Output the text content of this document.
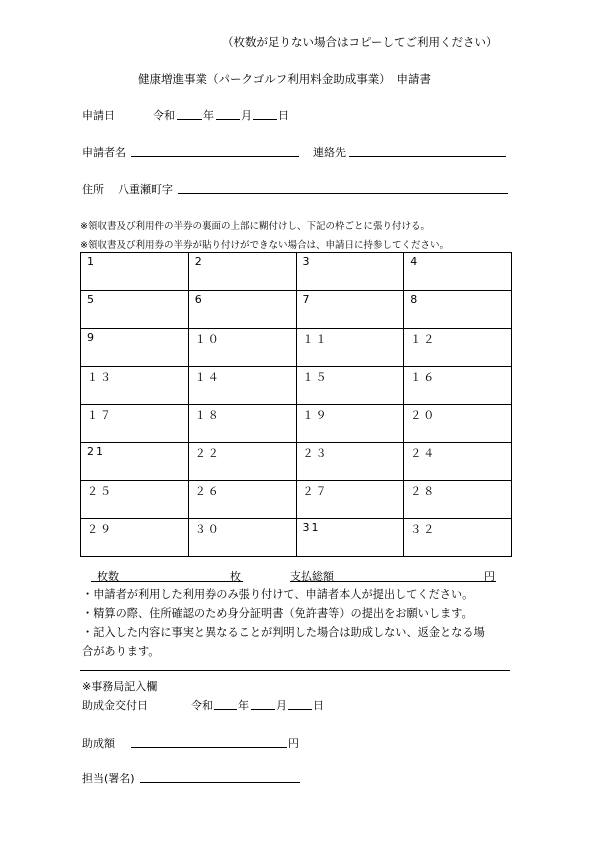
（枚数が足りない場合はコピーしてご利用ください）
健康増進事業（パークゴルフ利用料金助成事業）　申請書
申請日	令和	年 月 日
申請者名	連絡先
住所 八重瀬町字
※領収書及び利用件の半券の裏面の上部に糊付けし、下記の枠ごとに張り付ける。
※領収書及び利用券の半券が貼り付けができない場合は、申請日に持参してください。
1	2	3	4
5	6	7	8
9	１０	１１	１２
１３	１４	１５	１６
１７	１８	１９	２０
21	２２	２３	２４
２５	２６	２７	２８
２９	３０	31	３２
枚数	枚	支払総額	円
・申請者が利用した利用券のみ張り付けて、申請者本人が提出してください。
・精算の際、住所確認のため身分証明書（免許書等）の提出をお願いします。
・記入した内容に事実と異なることが判明した場合は助成しない、返金となる場
合があります。
※事務局記入欄
助成金交付日	令和 年 月 日
助成額	円
担当(署名)
